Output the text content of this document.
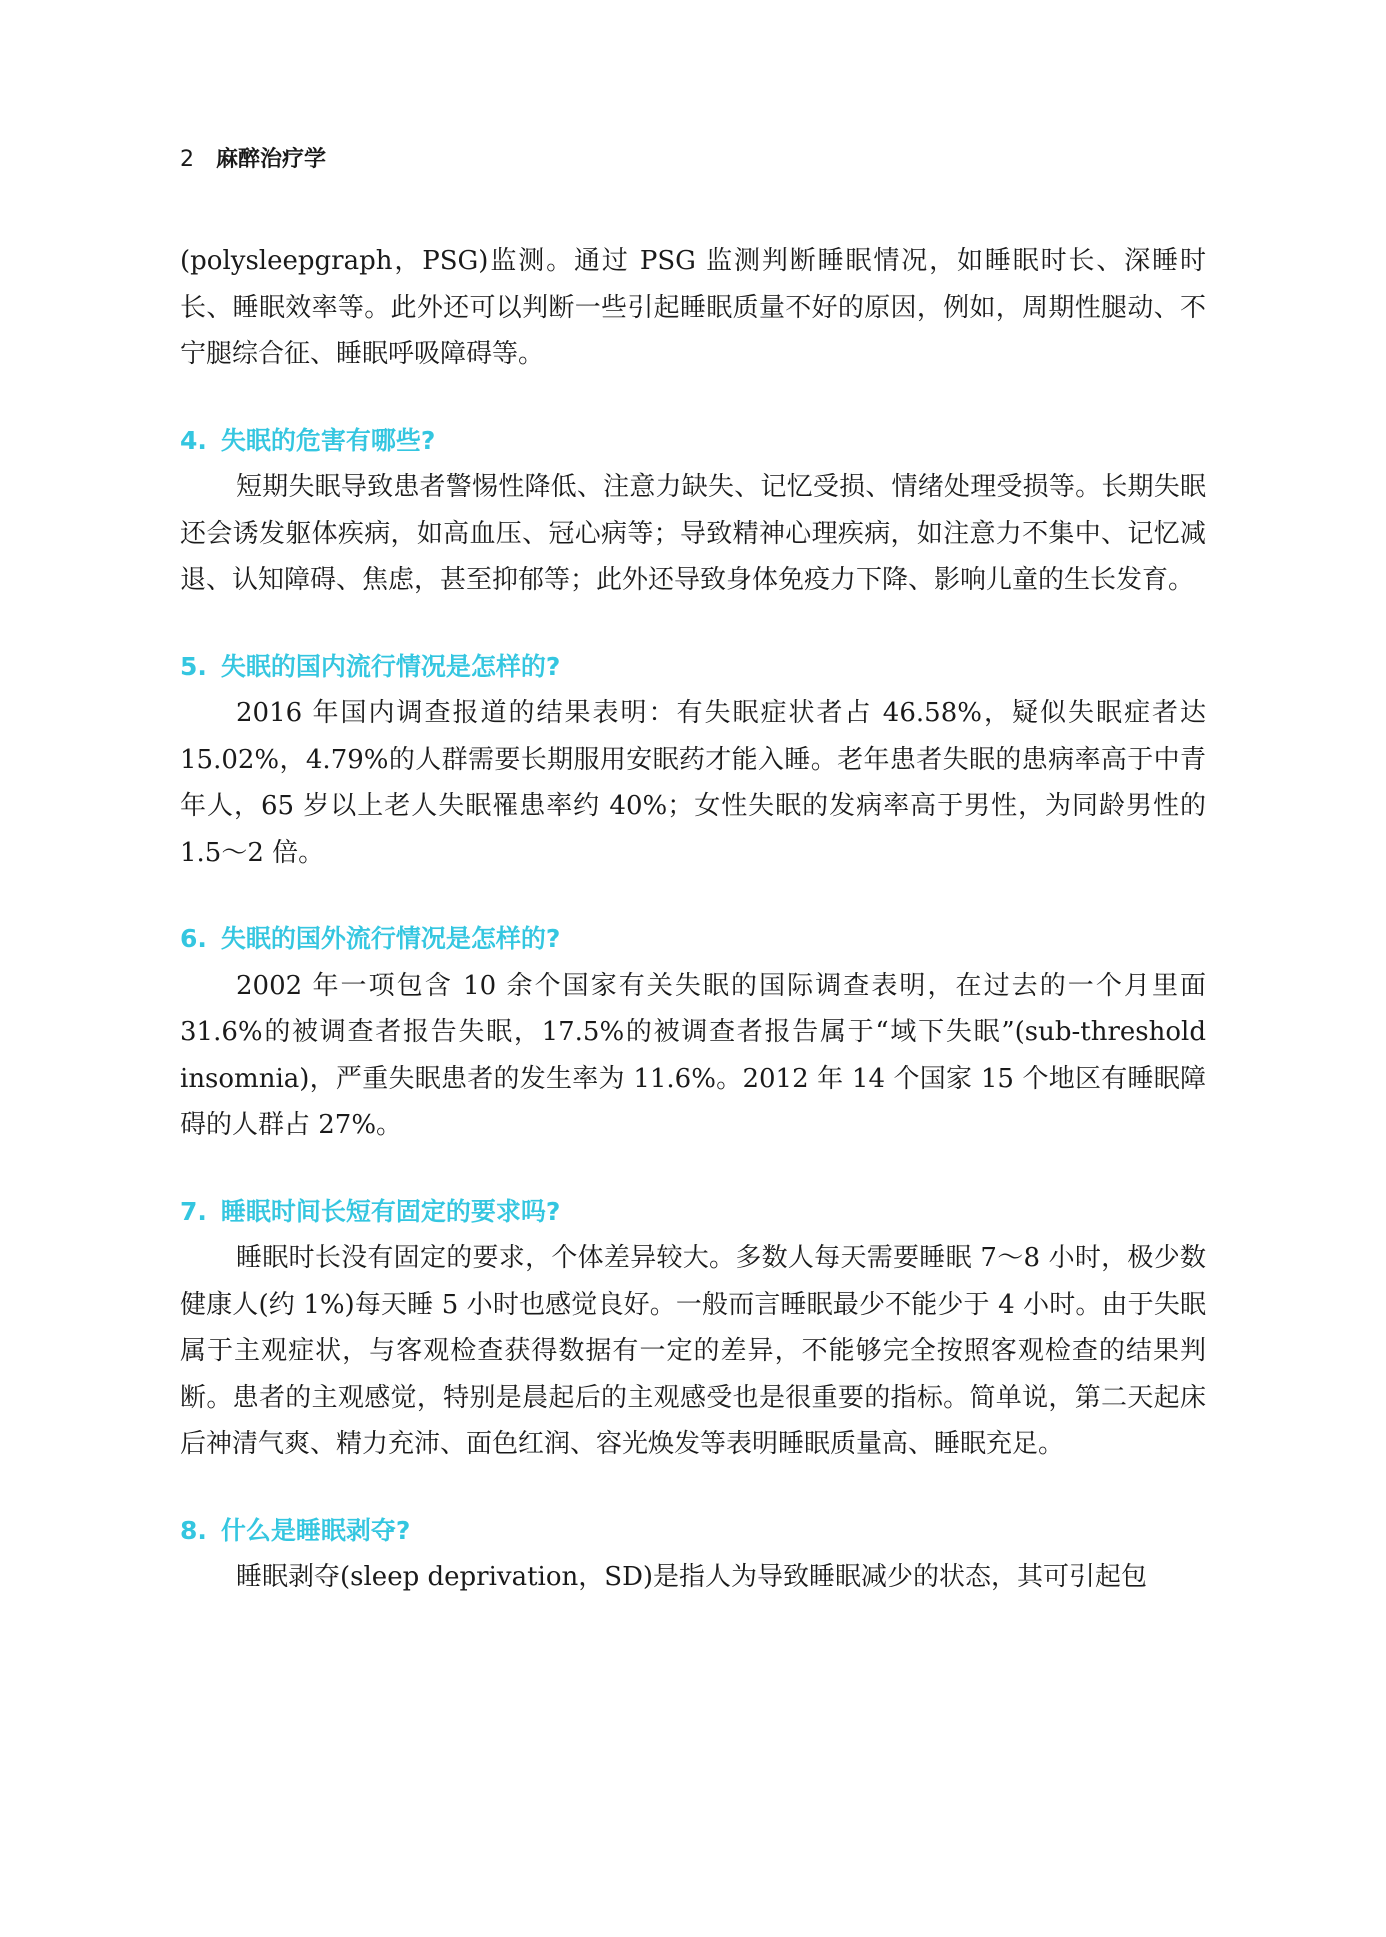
2 麻醉治疗学

(polysleepgraph，PSG)监测。通过 PSG 监测判断睡眠情况，如睡眠时长、深睡时长、睡眠效率等。此外还可以判断一些引起睡眠质量不好的原因，例如，周期性腿动、不宁腿综合征、睡眠呼吸障碍等。

4. 失眠的危害有哪些?

短期失眠导致患者警惕性降低、注意力缺失、记忆受损、情绪处理受损等。长期失眠还会诱发躯体疾病，如高血压、冠心病等；导致精神心理疾病，如注意力不集中、记忆减退、认知障碍、焦虑，甚至抑郁等；此外还导致身体免疫力下降、影响儿童的生长发育。

5. 失眠的国内流行情况是怎样的?

2016 年国内调查报道的结果表明：有失眠症状者占 46.58%，疑似失眠症者达 15.02%，4.79%的人群需要长期服用安眠药才能入睡。老年患者失眠的患病率高于中青年人，65 岁以上老人失眠罹患率约 40%；女性失眠的发病率高于男性，为同龄男性的 1.5～2 倍。

6. 失眠的国外流行情况是怎样的?

2002 年一项包含 10 余个国家有关失眠的国际调查表明，在过去的一个月里面 31.6%的被调查者报告失眠，17.5%的被调查者报告属于“域下失眠”(sub-threshold insomnia)，严重失眠患者的发生率为 11.6%。2012 年 14 个国家 15 个地区有睡眠障碍的人群占 27%。

7. 睡眠时间长短有固定的要求吗?

睡眠时长没有固定的要求，个体差异较大。多数人每天需要睡眠 7～8 小时，极少数健康人(约 1%)每天睡 5 小时也感觉良好。一般而言睡眠最少不能少于 4 小时。由于失眠属于主观症状，与客观检查获得数据有一定的差异，不能够完全按照客观检查的结果判断。患者的主观感觉，特别是晨起后的主观感受也是很重要的指标。简单说，第二天起床后神清气爽、精力充沛、面色红润、容光焕发等表明睡眠质量高、睡眠充足。

8. 什么是睡眠剥夺?

睡眠剥夺(sleep deprivation，SD)是指人为导致睡眠减少的状态，其可引起包
